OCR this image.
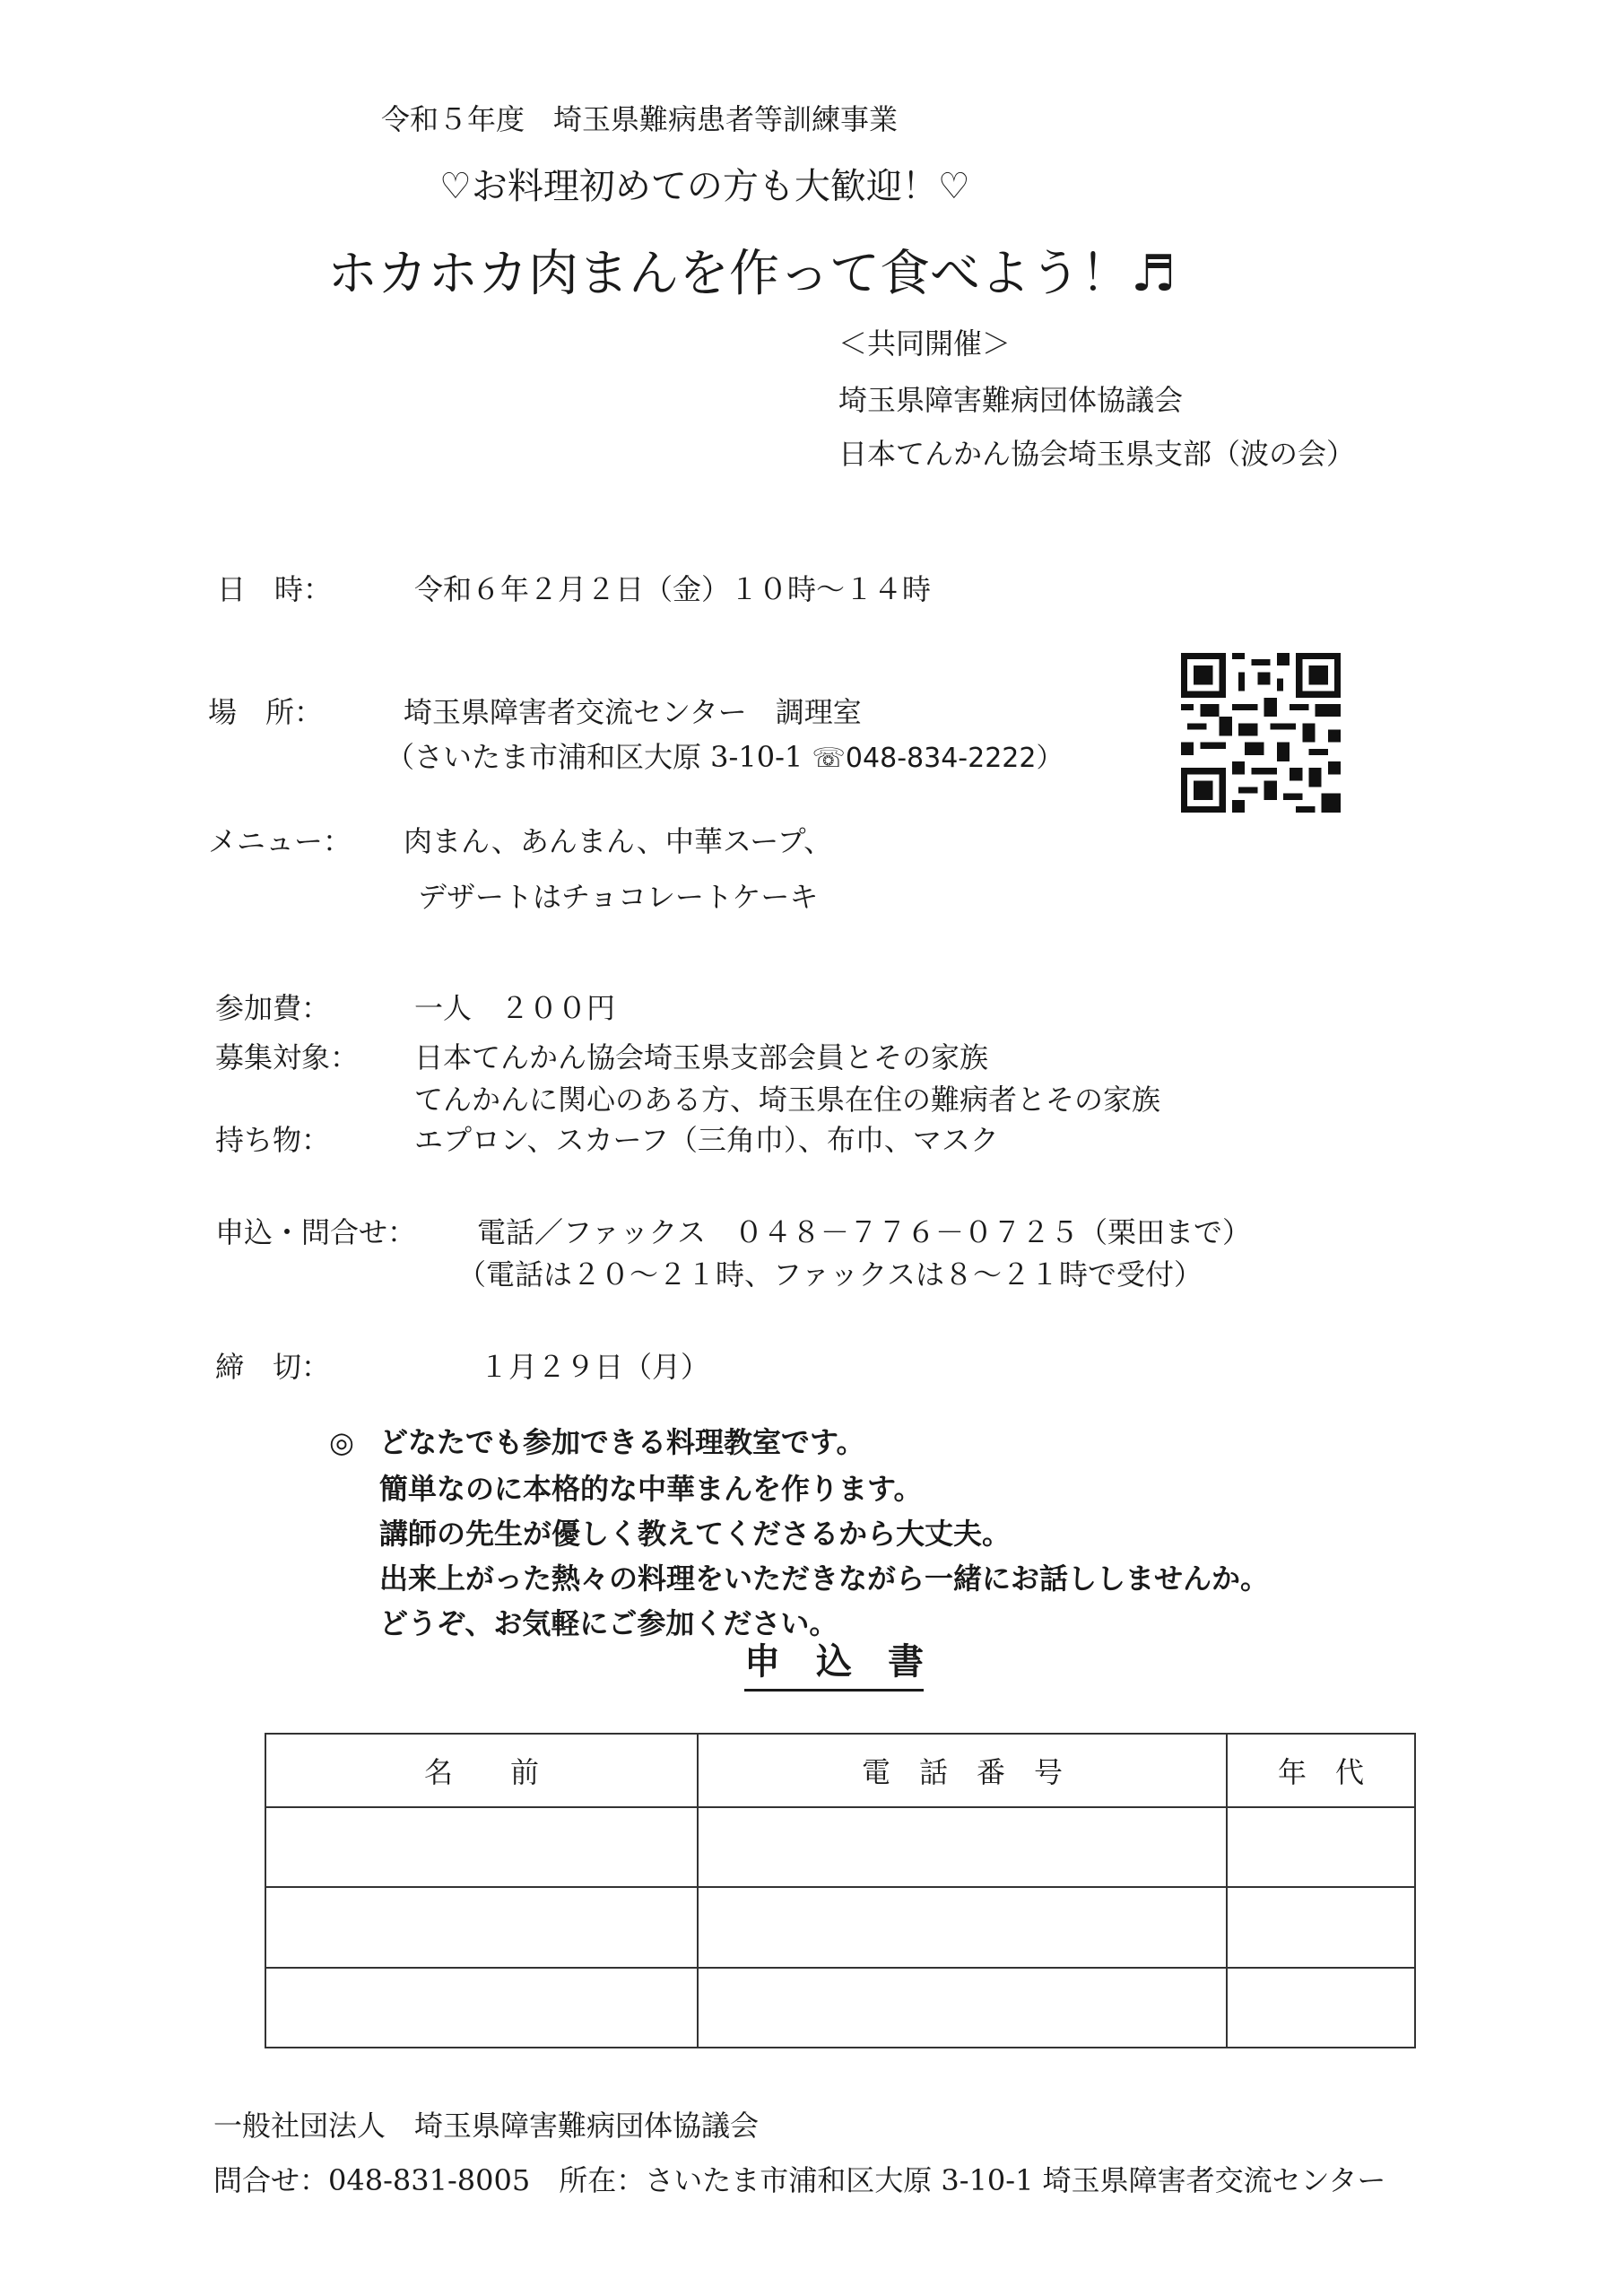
令和５年度　埼玉県難病患者等訓練事業
♡お料理初めての方も大歓迎！♡
ホカホカ肉まんを作って食べよう！♬
＜共同開催＞
埼玉県障害難病団体協議会
日本てんかん協会埼玉県支部（波の会）
日　時：	令和６年２月２日（金）１０時～１４時
場　所：	埼玉県障害者交流センター　調理室
（さいたま市浦和区大原 3-10-1 ☏048‐834‐2222）
メニュー： 肉まん、あんまん、中華スープ、
デザートはチョコレートケーキ
参加費：	一人　２００円
募集対象： 日本てんかん協会埼玉県支部会員とその家族
てんかんに関心のある方、埼玉県在住の難病者とその家族
持ち物：	エプロン、スカーフ（三角巾）、布巾、マスク
申込・問合せ： 電話／ファックス　０４８－７７６－０７２５（栗田まで）
（電話は２０～２１時、ファックスは８～２１時で受付）
締　切：	１月２９日（月）
◎ どなたでも参加できる料理教室です。
簡単なのに本格的な中華まんを作ります。
講師の先生が優しく教えてくださるから大丈夫。
出来上がった熱々の料理をいただきながら一緒にお話ししませんか。
どうぞ、お気軽にご参加ください。
申　込　書
名　　前	電　話　番　号	年　代

一般社団法人　埼玉県障害難病団体協議会
問合せ：048-831-8005　所在：さいたま市浦和区大原 3-10-1 埼玉県障害者交流センター
